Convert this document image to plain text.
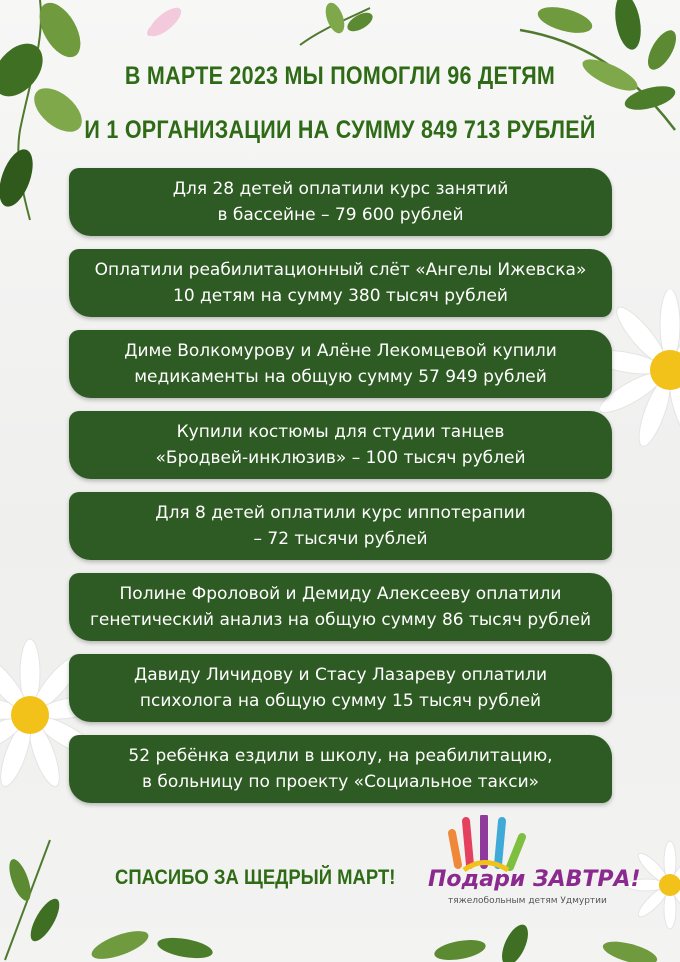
В МАРТЕ 2023 МЫ ПОМОГЛИ 96 ДЕТЯМ
И 1 ОРГАНИЗАЦИИ НА СУММУ 849 713 РУБЛЕЙ
Для 28 детей оплатили курс занятий
в бассейне – 79 600 рублей
Оплатили реабилитационный слёт «Ангелы Ижевска»
10 детям на сумму 380 тысяч рублей
Диме Волкомурову и Алёне Лекомцевой купили
медикаменты на общую сумму 57 949 рублей
Купили костюмы для студии танцев
«Бродвей-инклюзив» – 100 тысяч рублей
Для 8 детей оплатили курс иппотерапии
– 72 тысячи рублей
Полине Фроловой и Демиду Алексееву оплатили
генетический анализ на общую сумму 86 тысяч рублей
Давиду Личидову и Стасу Лазареву оплатили
психолога на общую сумму 15 тысяч рублей
52 ребёнка ездили в школу, на реабилитацию,
в больницу по проекту «Социальное такси»
СПАСИБО ЗА ЩЕДРЫЙ МАРТ! Подари ЗАВТРА!
тяжелобольным детям Удмуртии
